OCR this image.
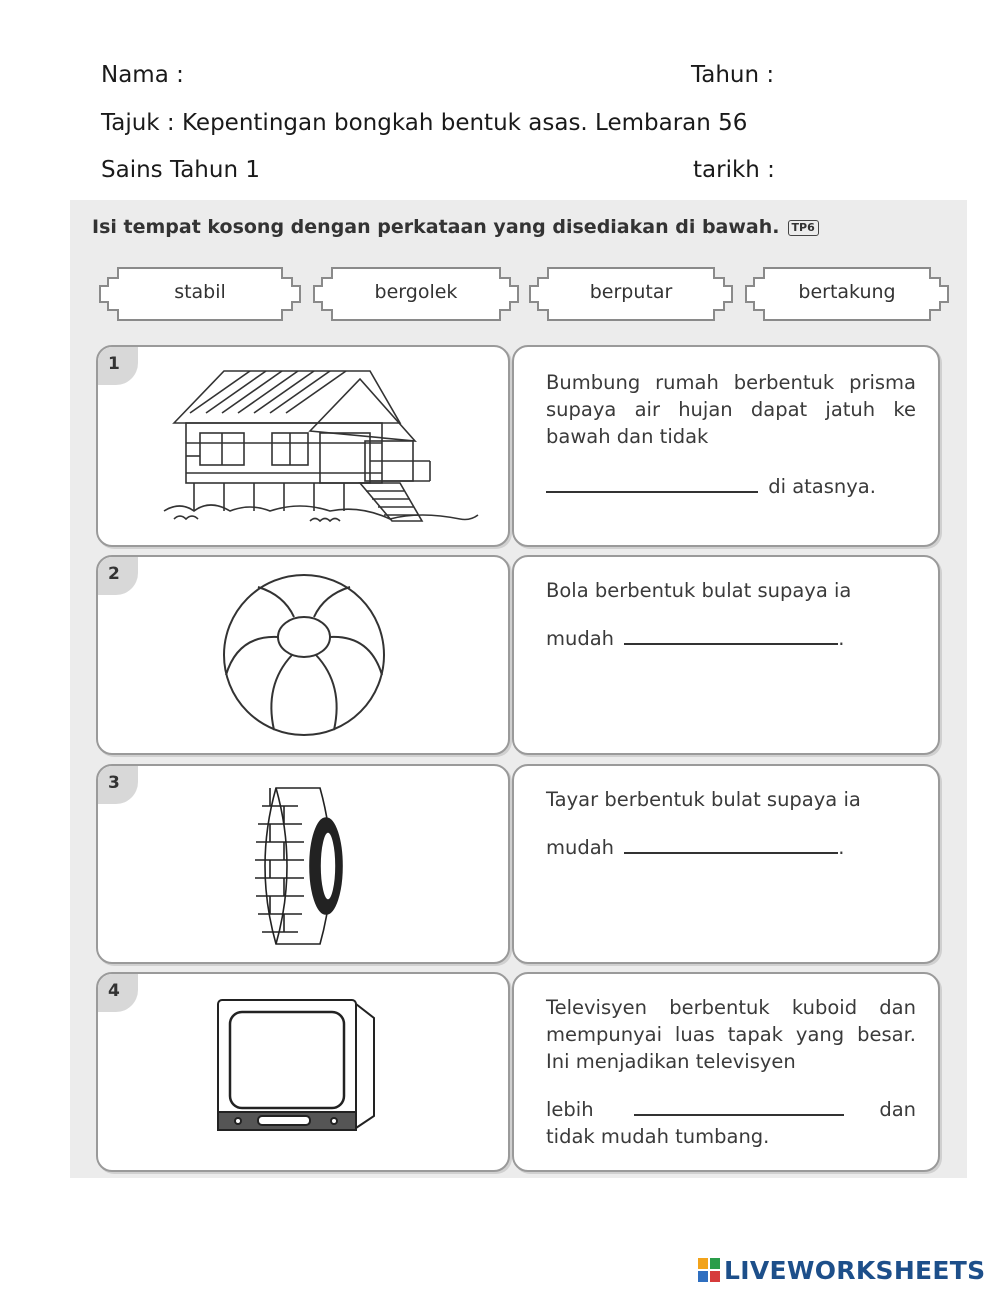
Nama :	Tahun :
Tajuk : Kepentingan bongkah bentuk asas. Lembaran 56
Sains Tahun 1	tarikh :
Isi tempat kosong dengan perkataan yang disediakan di bawah. TP6
stabil	bergolek	berputar	bertakung
1
Bumbung rumah berbentuk prisma supaya air hujan dapat jatuh ke bawah dan tidak
di atasnya.
2
Bola berbentuk bulat supaya ia
mudah	.
3
Tayar berbentuk bulat supaya ia
mudah	.
4
Televisyen berbentuk kuboid dan mempunyai luas tapak yang besar. Ini menjadikan televisyen
lebih	dan
tidak mudah tumbang.
LIVEWORKSHEETS
